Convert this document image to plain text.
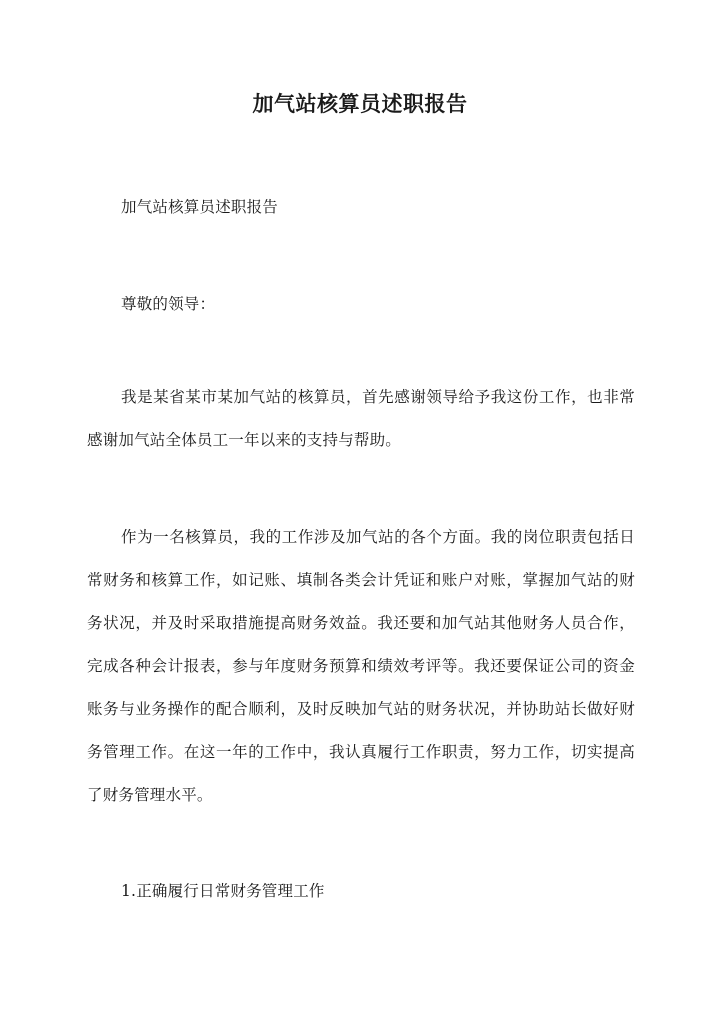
加气站核算员述职报告
加气站核算员述职报告
尊敬的领导：
我是某省某市某加气站的核算员，首先感谢领导给予我这份工作，也非常感谢加气站全体员工一年以来的支持与帮助。
作为一名核算员，我的工作涉及加气站的各个方面。我的岗位职责包括日常财务和核算工作，如记账、填制各类会计凭证和账户对账，掌握加气站的财务状况，并及时采取措施提高财务效益。我还要和加气站其他财务人员合作，完成各种会计报表，参与年度财务预算和绩效考评等。我还要保证公司的资金账务与业务操作的配合顺利，及时反映加气站的财务状况，并协助站长做好财务管理工作。在这一年的工作中，我认真履行工作职责，努力工作，切实提高了财务管理水平。
1.正确履行日常财务管理工作
